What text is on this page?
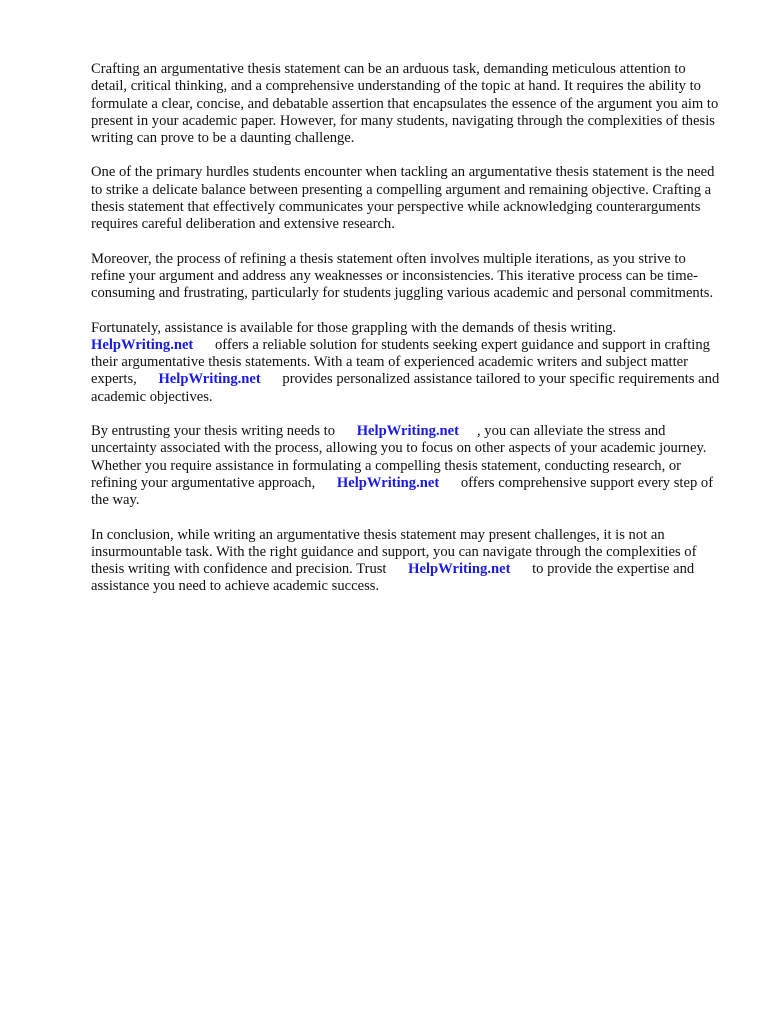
Crafting an argumentative thesis statement can be an arduous task, demanding meticulous attention to detail, critical thinking, and a comprehensive understanding of the topic at hand. It requires the ability to formulate a clear, concise, and debatable assertion that encapsulates the essence of the argument you aim to present in your academic paper. However, for many students, navigating through the complexities of thesis writing can prove to be a daunting challenge.

One of the primary hurdles students encounter when tackling an argumentative thesis statement is the need to strike a delicate balance between presenting a compelling argument and remaining objective. Crafting a thesis statement that effectively communicates your perspective while acknowledging counterarguments requires careful deliberation and extensive research.

Moreover, the process of refining a thesis statement often involves multiple iterations, as you strive to refine your argument and address any weaknesses or inconsistencies. This iterative process can be time-consuming and frustrating, particularly for students juggling various academic and personal commitments.

Fortunately, assistance is available for those grappling with the demands of thesis writing.
HelpWriting.net offers a reliable solution for students seeking expert guidance and support in crafting their argumentative thesis statements. With a team of experienced academic writers and subject matter experts, HelpWriting.net provides personalized assistance tailored to your specific requirements and academic objectives.

By entrusting your thesis writing needs to HelpWriting.net , you can alleviate the stress and uncertainty associated with the process, allowing you to focus on other aspects of your academic journey. Whether you require assistance in formulating a compelling thesis statement, conducting research, or refining your argumentative approach, HelpWriting.net offers comprehensive support every step of the way.

In conclusion, while writing an argumentative thesis statement may present challenges, it is not an insurmountable task. With the right guidance and support, you can navigate through the complexities of thesis writing with confidence and precision. Trust HelpWriting.net to provide the expertise and assistance you need to achieve academic success.
